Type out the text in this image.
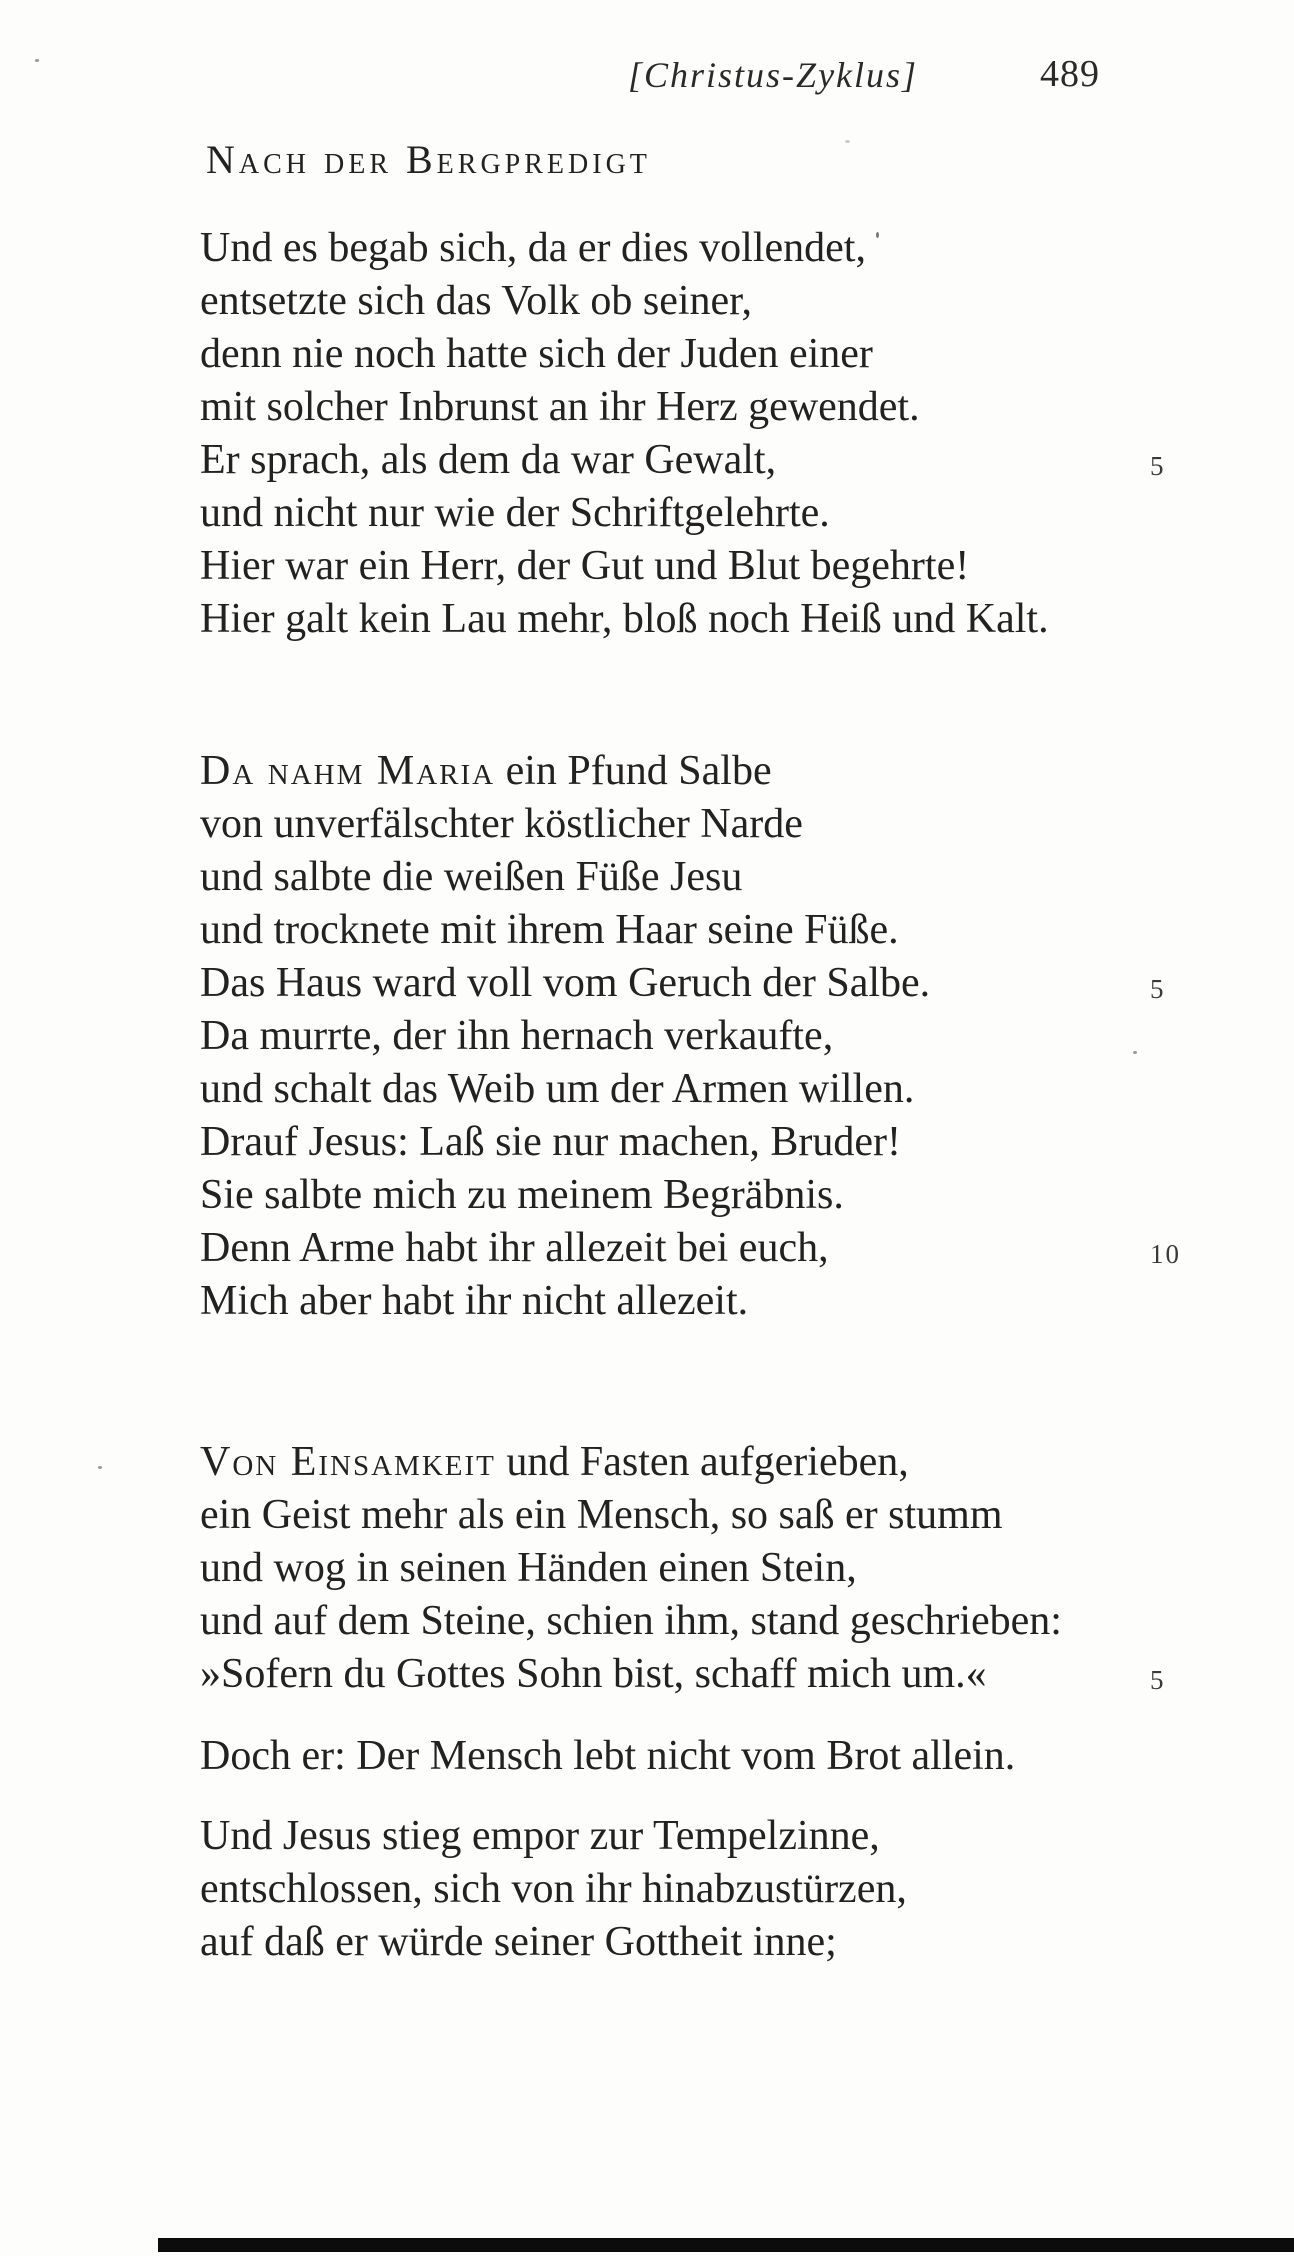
[Christus-Zyklus]	489
Nach der Bergpredigt
Und es begab sich, da er dies vollendet,
entsetzte sich das Volk ob seiner,
denn nie noch hatte sich der Juden einer
mit solcher Inbrunst an ihr Herz gewendet.
Er sprach, als dem da war Gewalt,	5
und nicht nur wie der Schriftgelehrte.
Hier war ein Herr, der Gut und Blut begehrte!
Hier galt kein Lau mehr, bloß noch Heiß und Kalt.
Da nahm Maria ein Pfund Salbe
von unverfälschter köstlicher Narde
und salbte die weißen Füße Jesu
und trocknete mit ihrem Haar seine Füße.
Das Haus ward voll vom Geruch der Salbe.	5
Da murrte, der ihn hernach verkaufte,
und schalt das Weib um der Armen willen.
Drauf Jesus: Laß sie nur machen, Bruder!
Sie salbte mich zu meinem Begräbnis.
Denn Arme habt ihr allezeit bei euch,	10
Mich aber habt ihr nicht allezeit.
Von Einsamkeit und Fasten aufgerieben,
ein Geist mehr als ein Mensch, so saß er stumm
und wog in seinen Händen einen Stein,
und auf dem Steine, schien ihm, stand geschrieben:
»Sofern du Gottes Sohn bist, schaff mich um.«	5
Doch er: Der Mensch lebt nicht vom Brot allein.
Und Jesus stieg empor zur Tempelzinne,
entschlossen, sich von ihr hinabzustürzen,
auf daß er würde seiner Gottheit inne;
